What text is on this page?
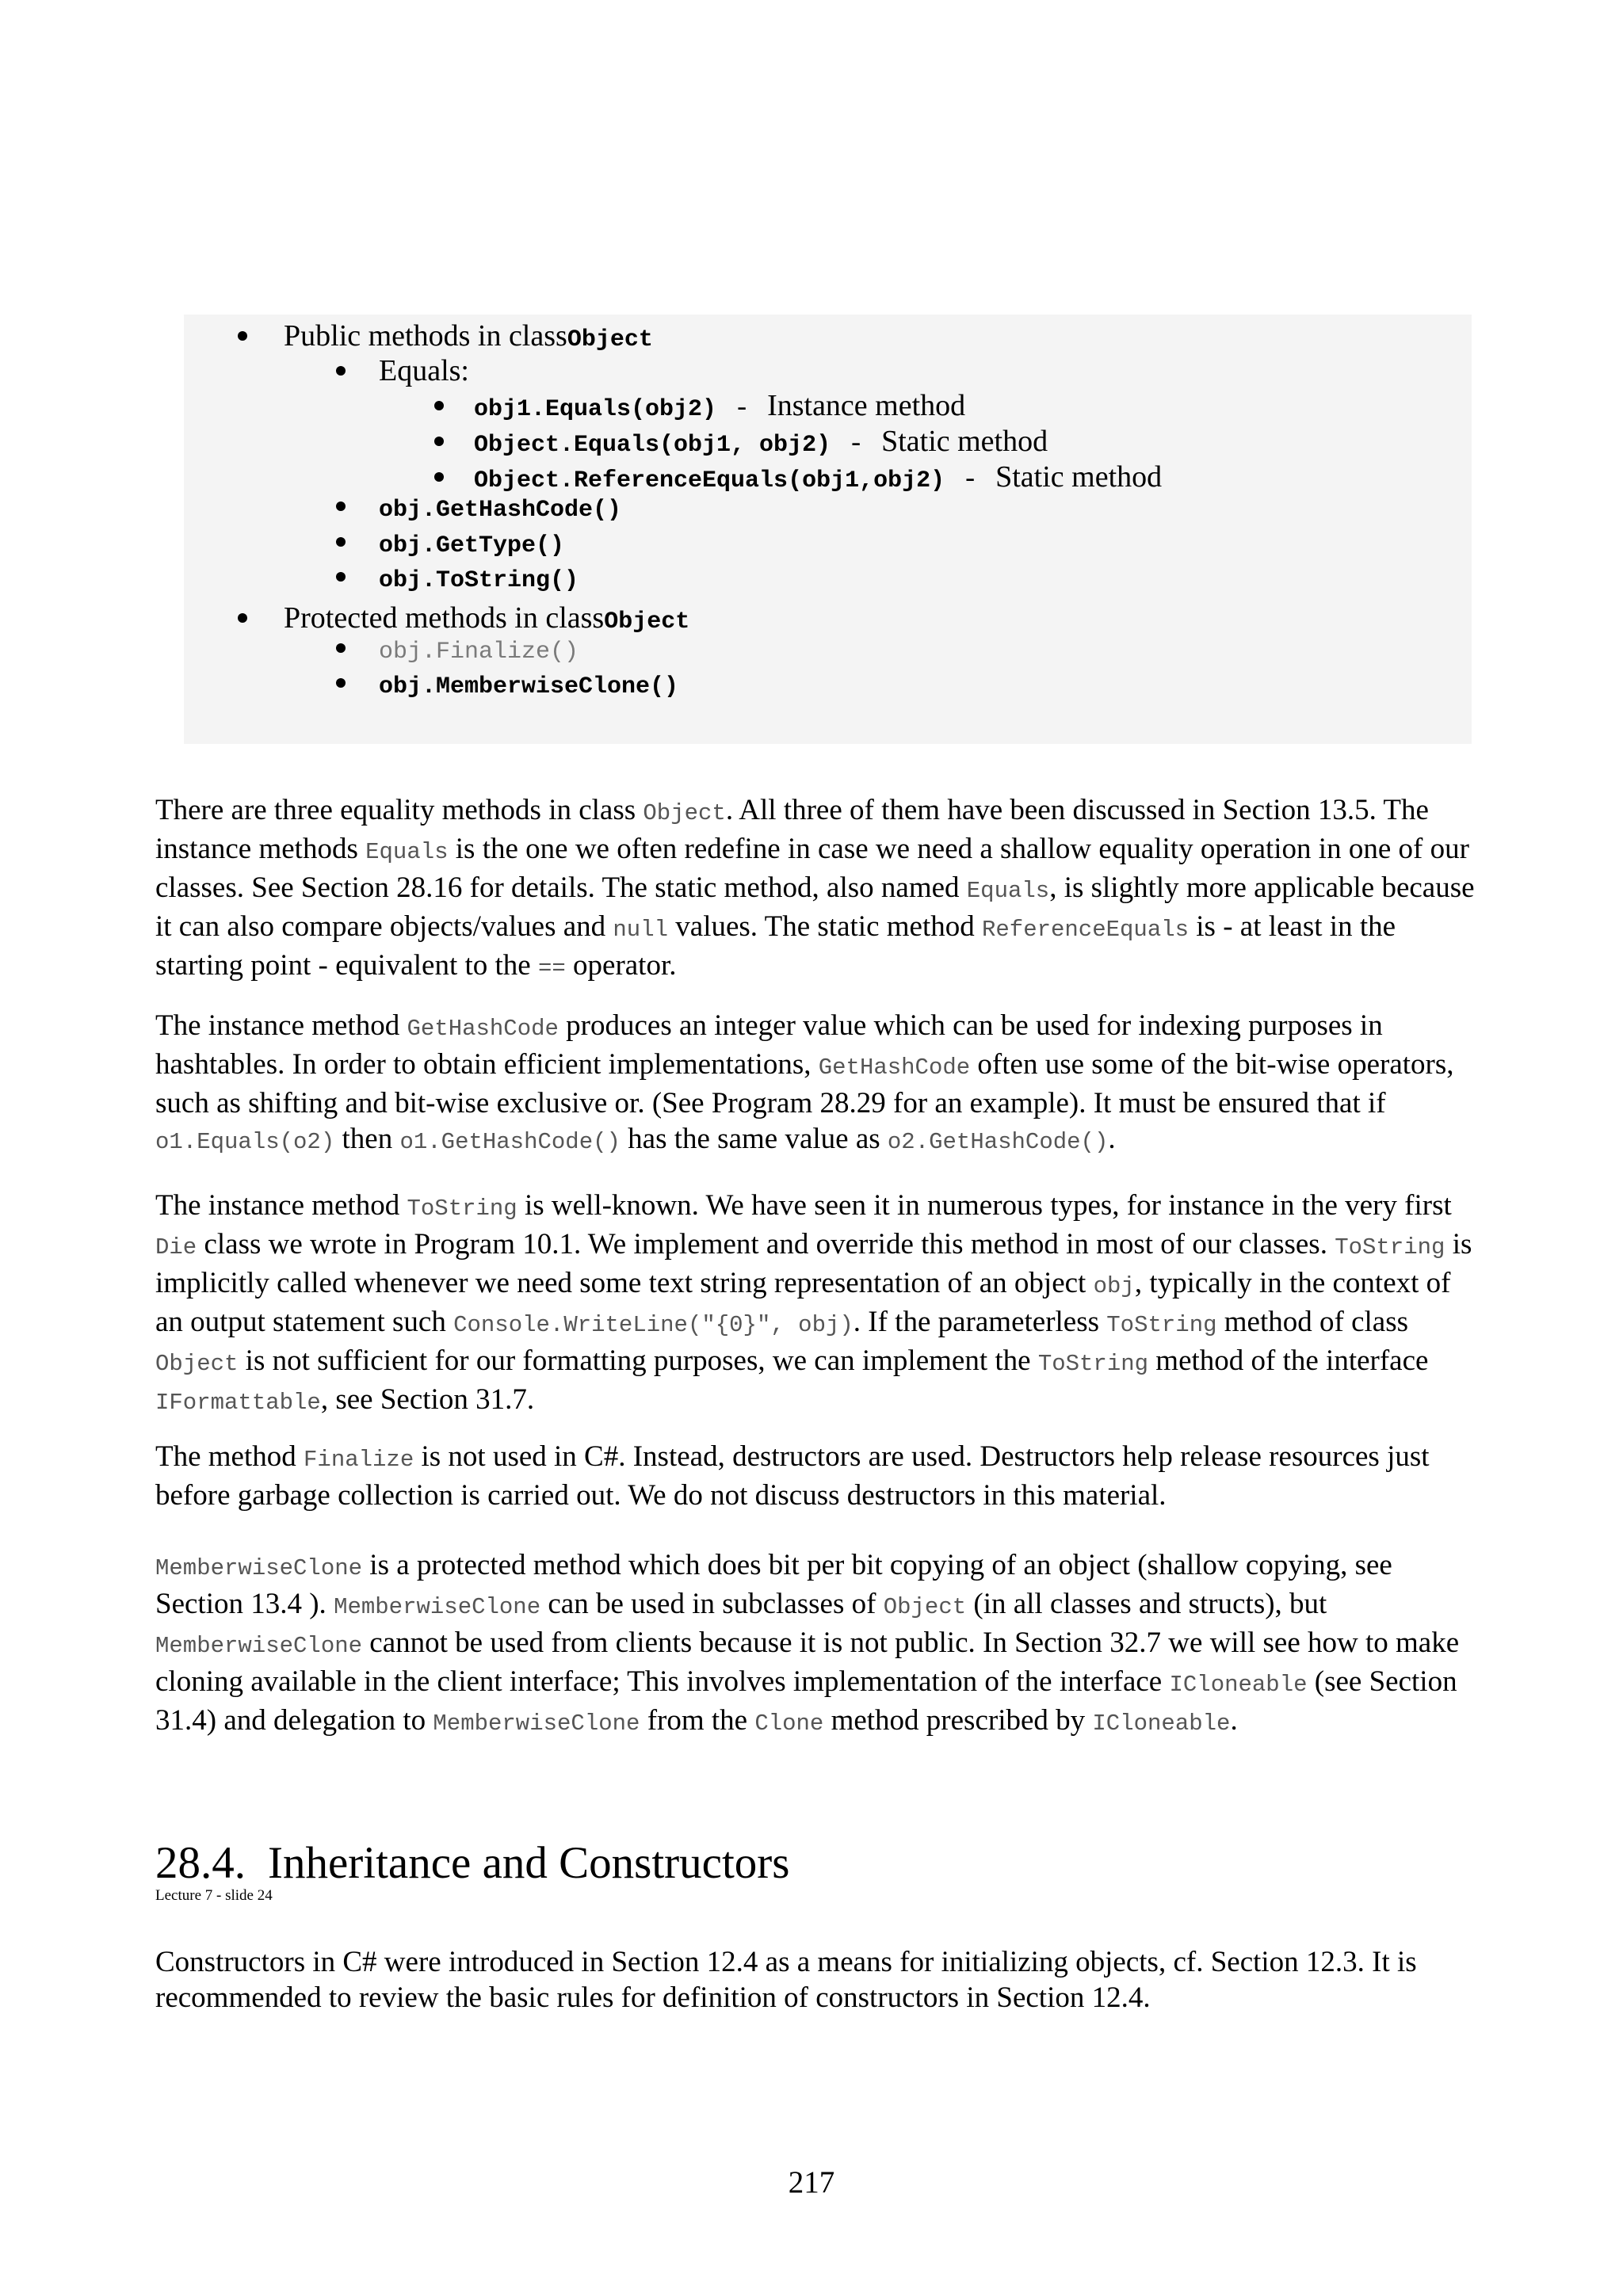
Public methods in class Object
Equals:
obj1.Equals(obj2) - Instance method
Object.Equals(obj1, obj2) - Static method
Object.ReferenceEquals(obj1,obj2) - Static method
obj.GetHashCode()
obj.GetType()
obj.ToString()
Protected methods in class Object
obj.Finalize()
obj.MemberwiseClone()

There are three equality methods in class Object. All three of them have been discussed in Section 13.5. The instance methods Equals is the one we often redefine in case we need a shallow equality operation in one of our classes. See Section 28.16 for details. The static method, also named Equals, is slightly more applicable because it can also compare objects/values and null values. The static method ReferenceEquals is - at least in the starting point - equivalent to the == operator.

The instance method GetHashCode produces an integer value which can be used for indexing purposes in hashtables. In order to obtain efficient implementations, GetHashCode often use some of the bit-wise operators, such as shifting and bit-wise exclusive or. (See Program 28.29 for an example). It must be ensured that if o1.Equals(o2) then o1.GetHashCode() has the same value as o2.GetHashCode().

The instance method ToString is well-known. We have seen it in numerous types, for instance in the very first Die class we wrote in Program 10.1. We implement and override this method in most of our classes. ToString is implicitly called whenever we need some text string representation of an object obj, typically in the context of an output statement such Console.WriteLine("{0}", obj). If the parameterless ToString method of class Object is not sufficient for our formatting purposes, we can implement the ToString method of the interface IFormattable, see Section 31.7.

The method Finalize is not used in C#. Instead, destructors are used. Destructors help release resources just before garbage collection is carried out. We do not discuss destructors in this material.

MemberwiseClone is a protected method which does bit per bit copying of an object (shallow copying, see Section 13.4 ). MemberwiseClone can be used in subclasses of Object (in all classes and structs), but MemberwiseClone cannot be used from clients because it is not public. In Section 32.7 we will see how to make cloning available in the client interface; This involves implementation of the interface ICloneable (see Section 31.4) and delegation to MemberwiseClone from the Clone method prescribed by ICloneable.

28.4. Inheritance and Constructors
Lecture 7 - slide 24

Constructors in C# were introduced in Section 12.4 as a means for initializing objects, cf. Section 12.3. It is recommended to review the basic rules for definition of constructors in Section 12.4.

217
